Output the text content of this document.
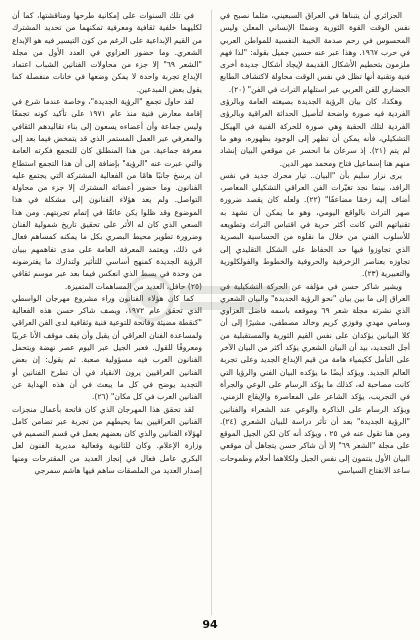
الجزائري أن يتبناها في العراق السبعيني، مثلما نصبح في نفس الوقت القوة الثورية وضمنًا الإنساني المعلن وليس المحسوس في رحم صدمة الخيبة النفسية للمواطن العربي في حرب ١٩٦٧. وهذا عبر عنه حسين جميل بقوله: "لذا فهم ملزمون بتحطيم الأشكال القديمة لإيجاد أشكال جديدة أخرى فنية وتقنية أنها تظل في نفس الوقت محاولة لاكتشاف الطابع الحضاري للفن العربي عبر استلهام التراث في الفن" (٢٠).

وهكذا، كان بيان الرؤية الجديدة بصيغته العامة وبالرؤى الفردية فيه صورة واضحة لتأصيل الحداثة العراقية وبالرؤى الفردية لتلك الحقبة وهي صورة للحركة الفنية في الهيكل التشكيلي، فأنه يمكن أن تظهر إلى الوجود بظهوره، وهو ما لم يتم (٢١). إذ سرعان ما انحسر عن موقعي البيان إنشاد منهم هنا إسماعيل فتاح ومحمد مهر الدين.

يرى نزار سليم بأن "البيان.. تيار محرك جديد في نفس الرافد، بينما نجد تغيّرات الفن العراقي التشكيلي المعاصر، أضاف إليه زخمًا مضاعفًا" (٢٢). ولعله كان يقصد ضرورة صهر التراث بالواقع اليومي، وهو ما يمكن أن نشهد به تقنياتهم التي كانت أكثر حرية في اقتباس التراث وتطويعه للأسلوب الفني من خلال ما نقلوه من الحساسية البصرية الذي تجاوزوا فيها حد الحفاظ على الشكل التقليدي إلى تجاوزه بعناصر الزخرفية والحروفية والخطوط والفولكلورية والتعبيرية (٢٣).

ويشير شاكر حسن في مؤلفه عن الحركة التشكيلية في العراق إلى ما بين بيان "نحو الرؤية الجديدة" والبيان الشعري الذي نشرته مجلة شعر ٦٩ وموقعه باسمه فاضل العزاوي وسامي مهدي وفوزي كريم وخالد مصطفى، مشيرًا إلى أن كلا البيانين يؤكدان على نفس القيم الثورية والمستقبلية من أجل التجديد، بيد أن البيان الشعري يؤكد أكثر من البيان الآخر على التأمل ككيمياء هامة من قيم الإبداع الجديد وعلى تجربة العالم الجديد. ويؤكد أيضًا ما يؤكده البيان الفني والرؤيا التي كانت مصاحبة له، كذلك ما يؤكد الرسام على الوعي والجرأة في التجريب، يؤكد الشاعر على المعاصرة والإيقاع الزمني، ويؤكد الرسام على الذاكرة والوعي عند الشعراء والفنانين "الرؤية الجديدة" بعد أن تأثر دراسة للبيان الشعري (٢٤). ومن هنا تقول عنه في ٢٥ ، ويؤكد أنه كان لكن الجيل الموقع على مجلة "الشعر ٦٩" إلا أن شاكر حسن يتجاهل أن موقعي البيان الأول ينتمون إلى نفس الجيل ولكلاهما أحلام وطموحات ساعد الانفتاح السياسي

في تلك السنوات على إمكانية طرحها ومناقشتها، كما أن لكليهما خلفية ثقافية ومعرفية تمكنهما من تحديد المشترك من القيم الإبداعية على الرغم من كون التيسير فيه هو الإبداع الشعري. وما حضور العزاوي في العدد الأول من مجلة "الشعر ٦٩" إلا جزء من محاولات الفنانين الشباب اعتماد الإبداع تجربة واحدة لا يمكن وضعها في خانات منفصلة كما يقول بعض المبدعين.

لقد حاول تجمع "الرؤية الجديدة"، وخاصة عندما شرع في إقامة معارض فنية منذ عام ١٩٧١ على تأكيد كونه تجمعًا وليس جماعة وأن أعضاءه يسعون إلى بناء تقاليدهم الثقافي والمعرفي عبر العمل المستمر الذي قد يتمخض فيما بعد إلى معرفة جماعية. من هذا المنطلق كان للتجمع فكرته العامة والتي عبرت عنه "الرؤية" بإضافة إلى أن هذا التجمع استطاع ان يرسخ جانبًا هامًا من الفعالية المشتركة التي يجتمع عليه الفنانون. وما حضور أعضائه المشترك إلا جزء من محاولة التواصل. ولم يعد هؤلاء الفنانون إلى مشكلة في هذا الموضوع وقد ظلوا يكن عائقًا في إتمام تجربتهم. ومن هذا السعي الذي كان له الأثر على تحقيق تاريخ شمولية الفنان وضرورة تطوير محيط البصري بكل ما يمكنه كمساهم فعال في ذلك، ويعتمد المعرفة العامة على مدى تفاهمهم ببيان الرؤية الجديدة كمنهج أساسي للتأثير ولتدارك ما يفترضونه من وحدة في بسط الذي انعكس فيما بعد عبر موسم ثقافي (٢٥) حافل، العديد من المساهمات المتميزة.

كما كان هؤلاء الفنانون وراء مشروع مهرجان الواسطي الذي تحقق عام ١٩٧٢، ويصف شاكر حسن هذه الفعالية "كنقطة مضيئة وفاتحة للتوعية فنية وثقافية لدى الفن العراقي ولمساعدة الفنان العراقي أن يقبل وأن يقف موقف الأنا عربيًا ومعروفًا للقول. فعبر الجيل عبر اليوم عصر نهضة ويتحمل الفنانون العرب فيه مسؤولية صعبة. ثم يقول: إن بعض الفنانين العراقيين يرون الانقياد في أن تطرح الفنانين أو التجديد يوضح في كل ما يبعث في أن هذه الهداية عن الفنانين العرب في كل مكان" (٢٦).

لقد تحقق هذا المهرجان الذي كان فاتحة بأعمال منجزات الفنانين العراقيين بما يحيطهم من تجربة عبر تضامن كامل لهؤلاء الفنانين والذي كان بعضهم يعمل في قسم التصميم في وزارة الإعلام. وكان للثانوية وفعالية مديرية الفنون لعل البكري عامل فعال في إنجاز العديد من المقترحات ومنها إصدار العديد من الملصقات ساهم فيها هاشم سمرجي

94
